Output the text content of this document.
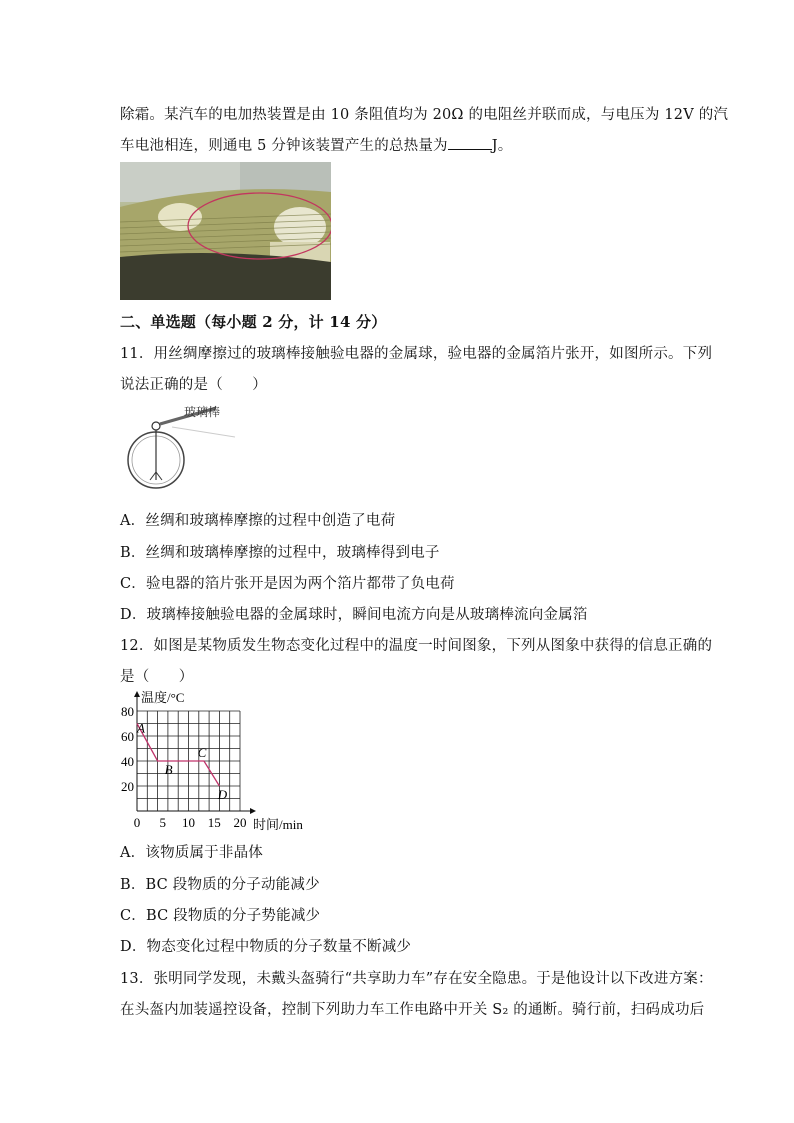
除霜。某汽车的电加热装置是由 10 条阻值均为 20Ω 的电阻丝并联而成，与电压为 12V 的汽
车电池相连，则通电 5 分钟该装置产生的总热量为	J。
二、单选题（每小题 2 分，计 14 分）
11．用丝绸摩擦过的玻璃棒接触验电器的金属球，验电器的金属箔片张开，如图所示。下列
说法正确的是（　　）
玻璃棒
A．丝绸和玻璃棒摩擦的过程中创造了电荷
B．丝绸和玻璃棒摩擦的过程中，玻璃棒得到电子
C．验电器的箔片张开是因为两个箔片都带了负电荷
D．玻璃棒接触验电器的金属球时，瞬间电流方向是从玻璃棒流向金属箔
12．如图是某物质发生物态变化过程中的温度一时间图象，下列从图象中获得的信息正确的
是（　　）
温度/°C
时间/min
0 5 10 15 20
20
40
60
80
A
B
C
D
A．该物质属于非晶体
B．BC 段物质的分子动能减少
C．BC 段物质的分子势能减少
D．物态变化过程中物质的分子数量不断减少
13．张明同学发现，未戴头盔骑行“共享助力车”存在安全隐患。于是他设计以下改进方案：
在头盔内加装遥控设备，控制下列助力车工作电路中开关 S₂ 的通断。骑行前，扫码成功后
